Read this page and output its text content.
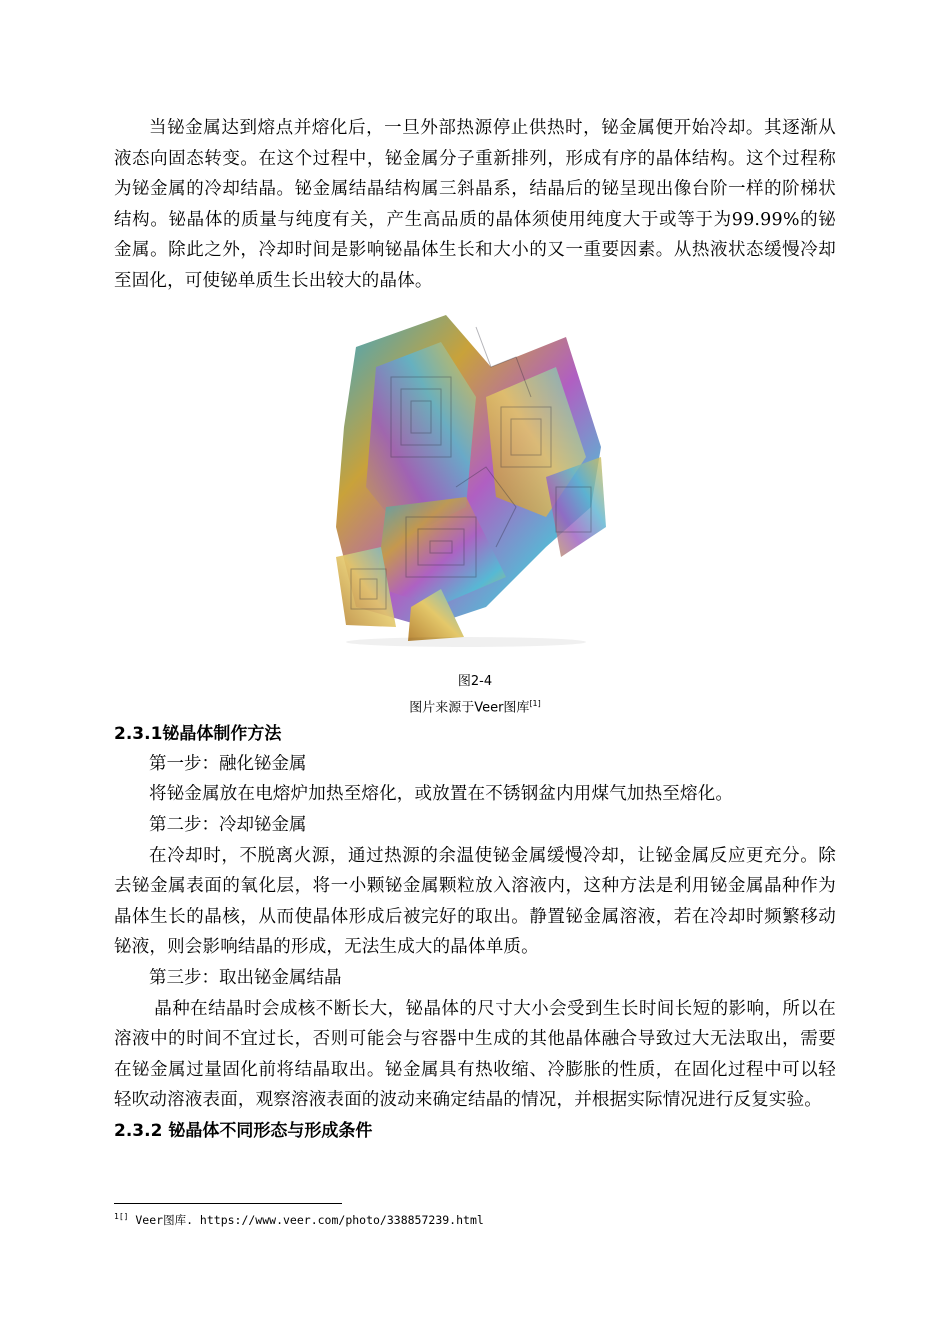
当铋金属达到熔点并熔化后，一旦外部热源停止供热时，铋金属便开始冷却。其逐渐从液态向固态转变。在这个过程中，铋金属分子重新排列，形成有序的晶体结构。这个过程称为铋金属的冷却结晶。铋金属结晶结构属三斜晶系，结晶后的铋呈现出像台阶一样的阶梯状结构。铋晶体的质量与纯度有关，产生高品质的晶体须使用纯度大于或等于为99.99%的铋金属。除此之外，冷却时间是影响铋晶体生长和大小的又一重要因素。从热液状态缓慢冷却至固化，可使铋单质生长出较大的晶体。

图2-4
图片来源于Veer图库[1]
2.3.1铋晶体制作方法

第一步：融化铋金属

将铋金属放在电熔炉加热至熔化，或放置在不锈钢盆内用煤气加热至熔化。

第二步：冷却铋金属

在冷却时，不脱离火源，通过热源的余温使铋金属缓慢冷却，让铋金属反应更充分。除去铋金属表面的氧化层，将一小颗铋金属颗粒放入溶液内，这种方法是利用铋金属晶种作为晶体生长的晶核，从而使晶体形成后被完好的取出。静置铋金属溶液，若在冷却时频繁移动铋液，则会影响结晶的形成，无法生成大的晶体单质。

第三步：取出铋金属结晶

晶种在结晶时会成核不断长大，铋晶体的尺寸大小会受到生长时间长短的影响，所以在溶液中的时间不宜过长，否则可能会与容器中生成的其他晶体融合导致过大无法取出，需要在铋金属过量固化前将结晶取出。铋金属具有热收缩、冷膨胀的性质，在固化过程中可以轻轻吹动溶液表面，观察溶液表面的波动来确定结晶的情况，并根据实际情况进行反复实验。

2.3.2 铋晶体不同形态与形成条件
$^{1[]}$ Veer图库. https://www.veer.com/photo/338857239.html
